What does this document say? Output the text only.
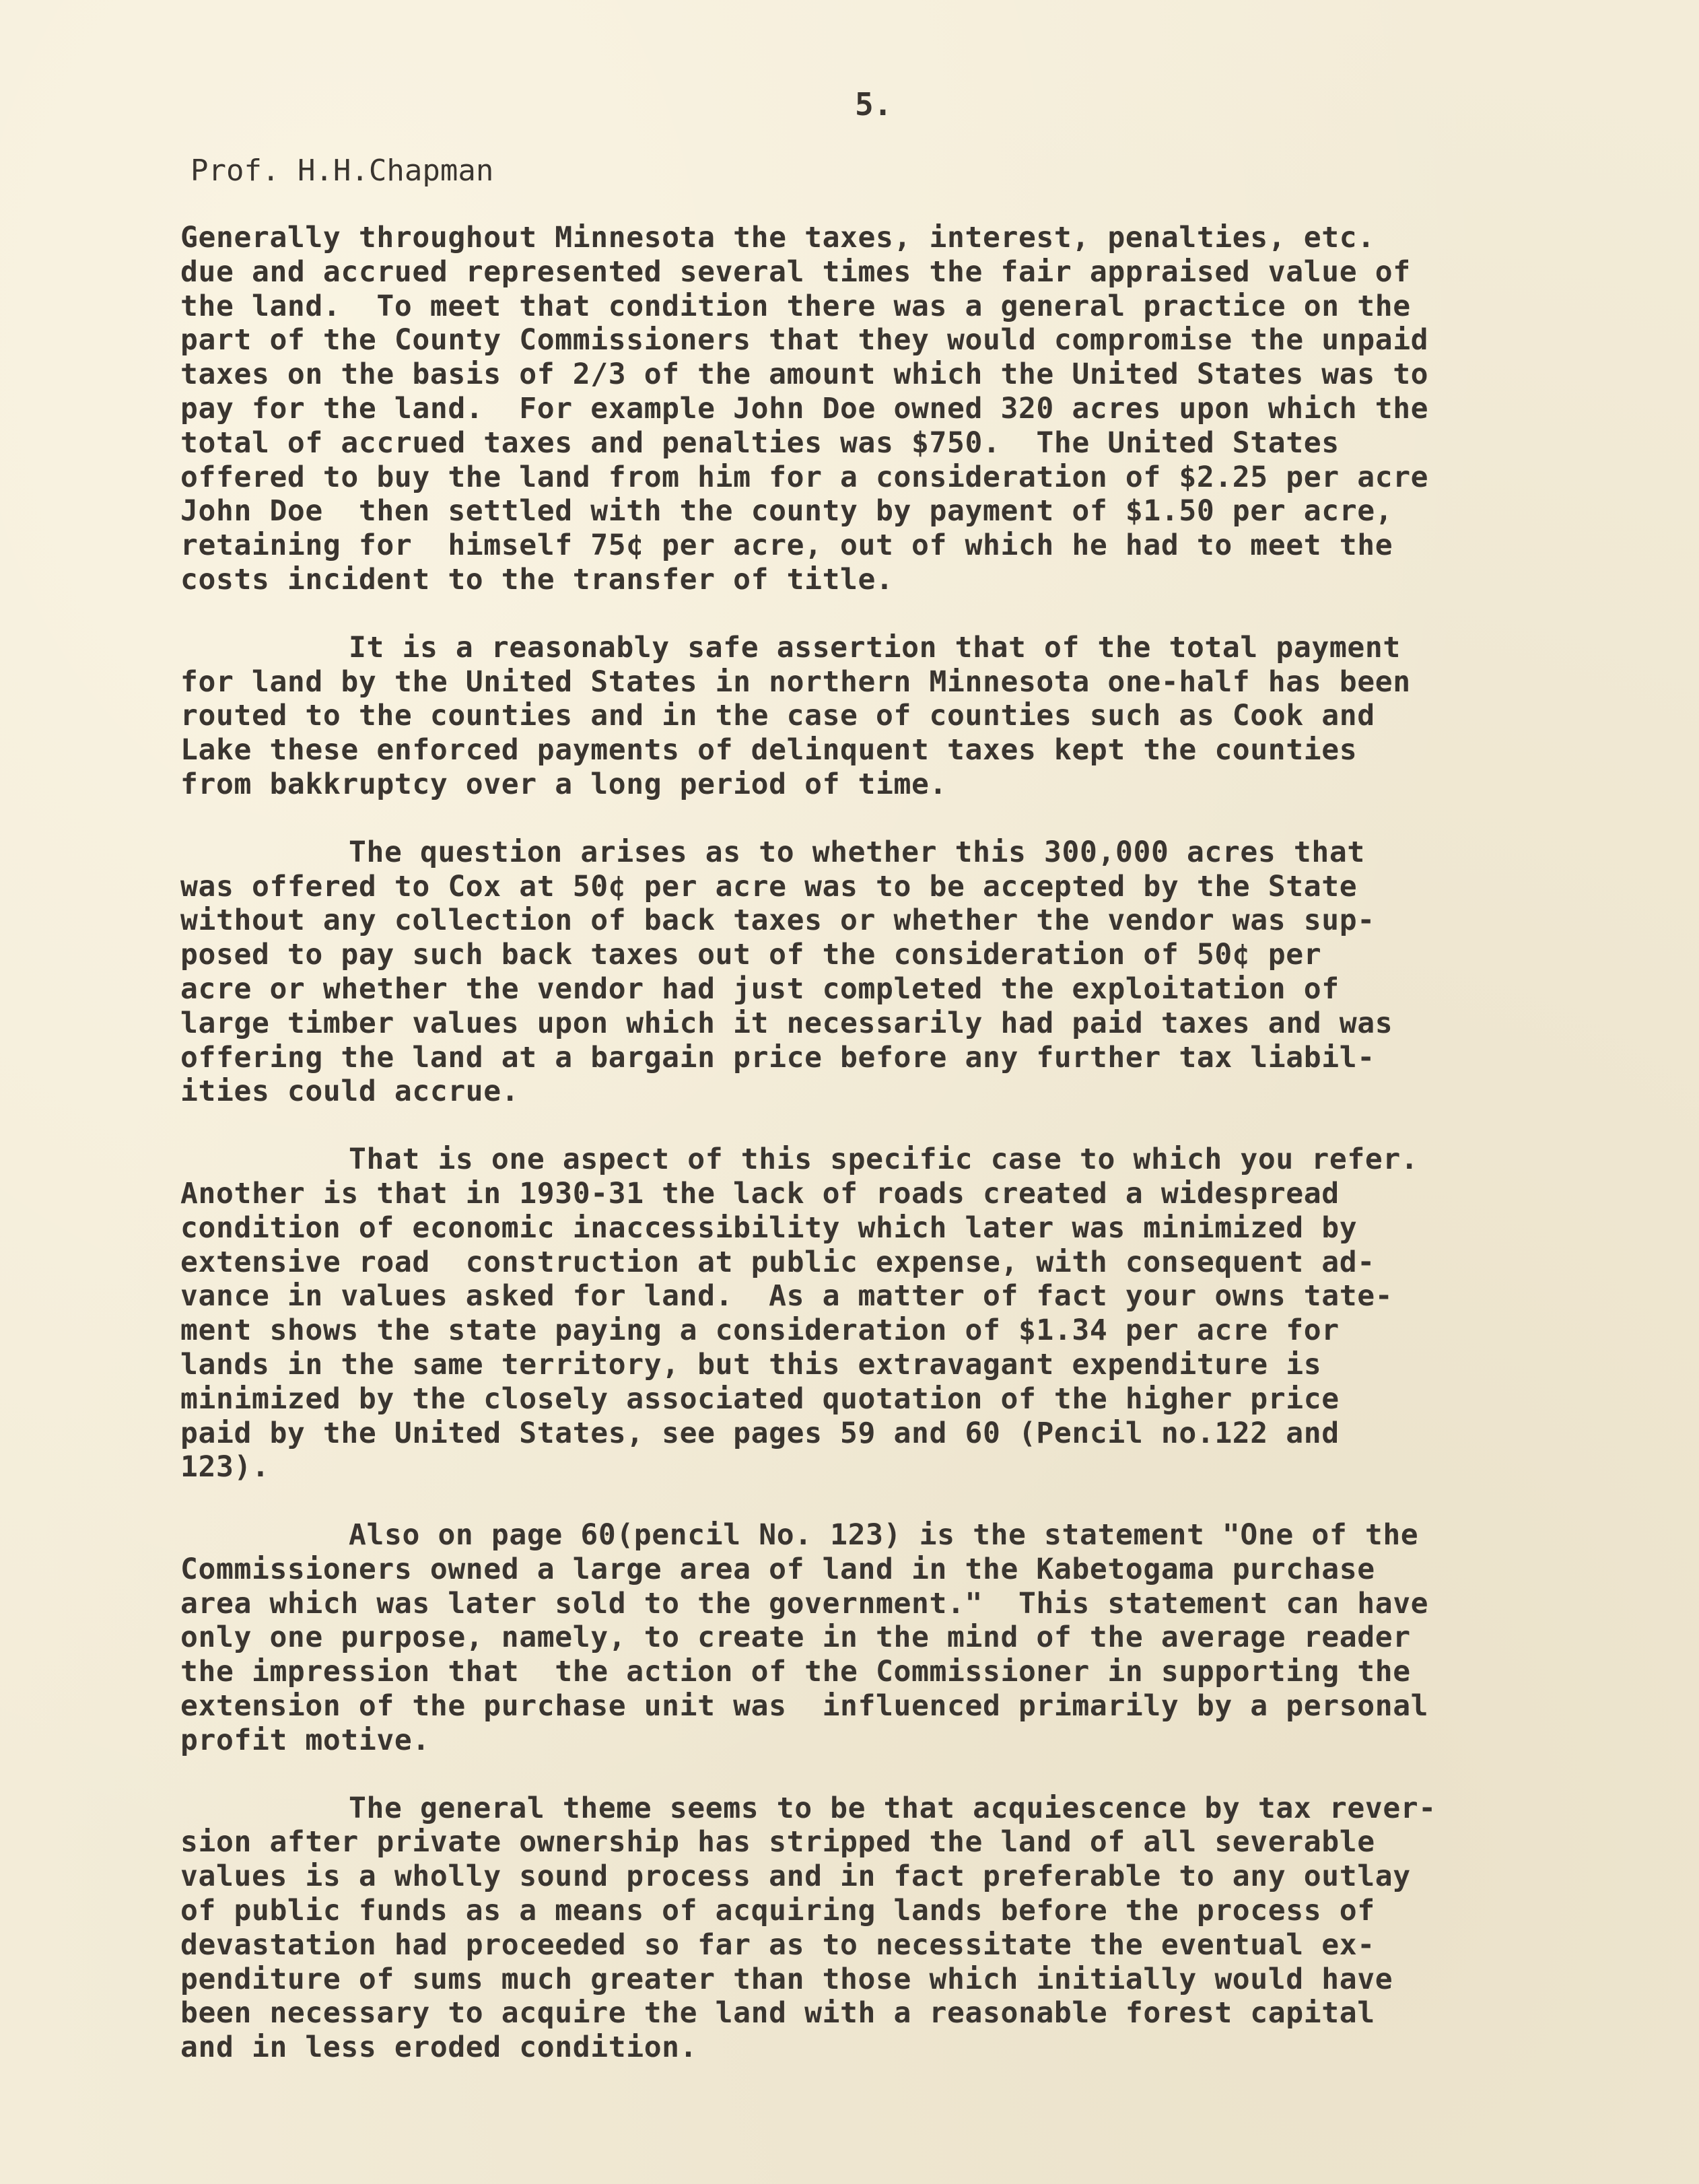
5.

Prof. H.H.Chapman

Generally throughout Minnesota the taxes, interest, penalties, etc.
due and accrued represented several times the fair appraised value of
the land.  To meet that condition there was a general practice on the
part of the County Commissioners that they would compromise the unpaid
taxes on the basis of 2/3 of the amount which the United States was to
pay for the land.  For example John Doe owned 320 acres upon which the
total of accrued taxes and penalties was $750.  The United States
offered to buy the land from him for a consideration of $2.25 per acre
John Doe  then settled with the county by payment of $1.50 per acre,
retaining for  himself 75¢ per acre, out of which he had to meet the
costs incident to the transfer of title.
It is a reasonably safe assertion that of the total payment
for land by the United States in northern Minnesota one-half has been
routed to the counties and in the case of counties such as Cook and
Lake these enforced payments of delinquent taxes kept the counties
from bakkruptcy over a long period of time.
The question arises as to whether this 300,000 acres that
was offered to Cox at 50¢ per acre was to be accepted by the State
without any collection of back taxes or whether the vendor was sup-
posed to pay such back taxes out of the consideration of 50¢ per
acre or whether the vendor had just completed the exploitation of
large timber values upon which it necessarily had paid taxes and was
offering the land at a bargain price before any further tax liabil-
ities could accrue.
That is one aspect of this specific case to which you refer.
Another is that in 1930-31 the lack of roads created a widespread
condition of economic inaccessibility which later was minimized by
extensive road  construction at public expense, with consequent ad-
vance in values asked for land.  As a matter of fact your owns tate-
ment shows the state paying a consideration of $1.34 per acre for
lands in the same territory, but this extravagant expenditure is
minimized by the closely associated quotation of the higher price
paid by the United States, see pages 59 and 60 (Pencil no.122 and
123).
Also on page 60(pencil No. 123) is the statement "One of the
Commissioners owned a large area of land in the Kabetogama purchase
area which was later sold to the government."  This statement can have
only one purpose, namely, to create in the mind of the average reader
the impression that  the action of the Commissioner in supporting the
extension of the purchase unit was  influenced primarily by a personal
profit motive.
The general theme seems to be that acquiescence by tax rever-
sion after private ownership has stripped the land of all severable
values is a wholly sound process and in fact preferable to any outlay
of public funds as a means of acquiring lands before the process of
devastation had proceeded so far as to necessitate the eventual ex-
penditure of sums much greater than those which initially would have
been necessary to acquire the land with a reasonable forest capital
and in less eroded condition.
